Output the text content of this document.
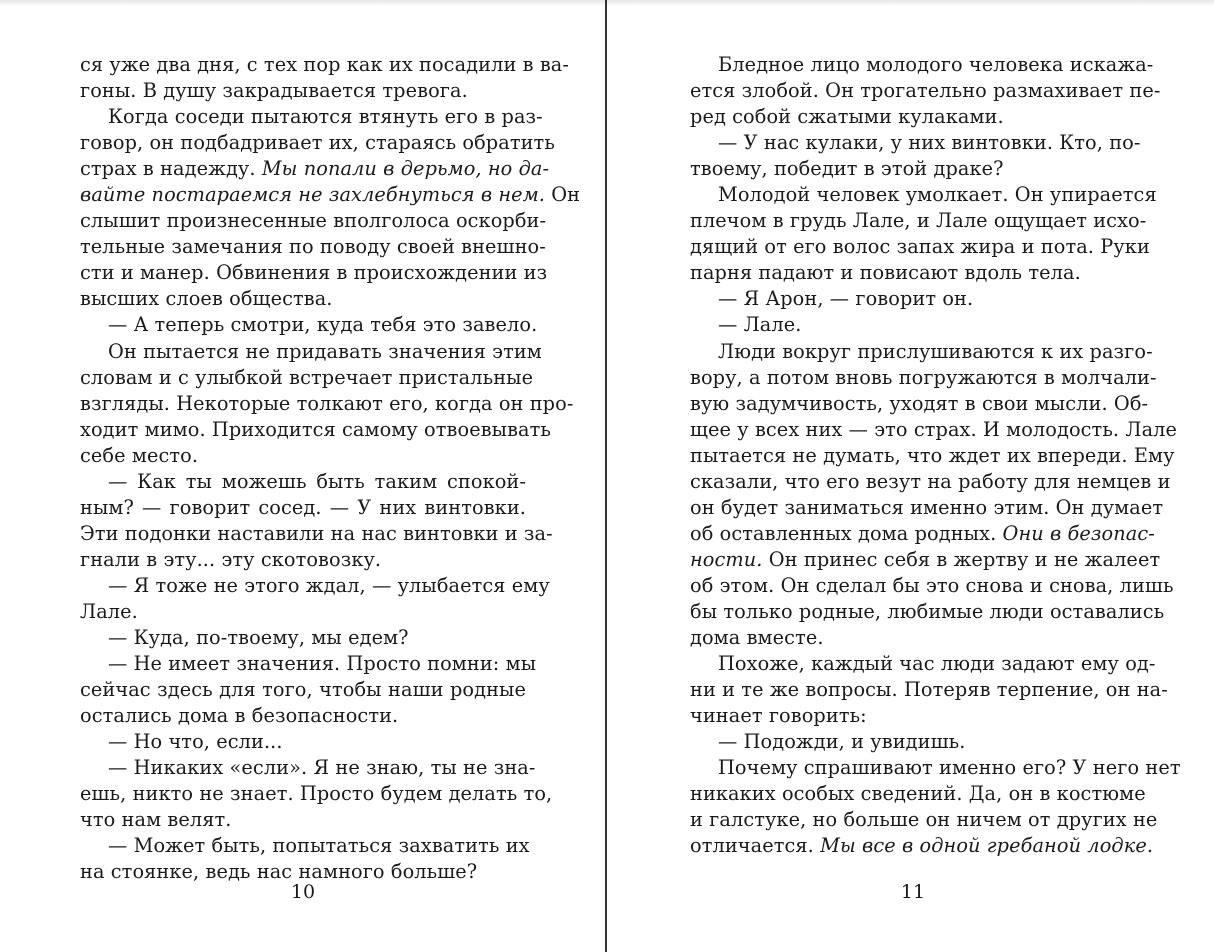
ся уже два дня, с тех пор как их посадили в ва-
гоны. В душу закрадывается тревога.
Когда соседи пытаются втянуть его в раз-
говор, он подбадривает их, стараясь обратить
страх в надежду. Мы попали в дерьмо, но да-
вайте постараемся не захлебнуться в нем. Он
слышит произнесенные вполголоса оскорби-
тельные замечания по поводу своей внешно-
сти и манер. Обвинения в происхождении из
высших слоев общества.
— А теперь смотри, куда тебя это завело.
Он пытается не придавать значения этим
словам и с улыбкой встречает пристальные
взгляды. Некоторые толкают его, когда он про-
ходит мимо. Приходится самому отвоевывать
себе место.
— Как ты можешь быть таким спокой-
ным? — говорит сосед. — У них винтовки.
Эти подонки наставили на нас винтовки и за-
гнали в эту... эту скотовозку.
— Я тоже не этого ждал, — улыбается ему
Лале.
— Куда, по-твоему, мы едем?
— Не имеет значения. Просто помни: мы
сейчас здесь для того, чтобы наши родные
остались дома в безопасности.
— Но что, если...
— Никаких «если». Я не знаю, ты не зна-
ешь, никто не знает. Просто будем делать то,
что нам велят.
— Может быть, попытаться захватить их
на стоянке, ведь нас намного больше?
10
Бледное лицо молодого человека искажа-
ется злобой. Он трогательно размахивает пе-
ред собой сжатыми кулаками.
— У нас кулаки, у них винтовки. Кто, по-
твоему, победит в этой драке?
Молодой человек умолкает. Он упирается
плечом в грудь Лале, и Лале ощущает исхо-
дящий от его волос запах жира и пота. Руки
парня падают и повисают вдоль тела.
— Я Арон, — говорит он.
— Лале.
Люди вокруг прислушиваются к их разго-
вору, а потом вновь погружаются в молчали-
вую задумчивость, уходят в свои мысли. Об-
щее у всех них — это страх. И молодость. Лале
пытается не думать, что ждет их впереди. Ему
сказали, что его везут на работу для немцев и
он будет заниматься именно этим. Он думает
об оставленных дома родных. Они в безопас-
ности. Он принес себя в жертву и не жалеет
об этом. Он сделал бы это снова и снова, лишь
бы только родные, любимые люди оставались
дома вместе.
Похоже, каждый час люди задают ему од-
ни и те же вопросы. Потеряв терпение, он на-
чинает говорить:
— Подожди, и увидишь.
Почему спрашивают именно его? У него нет
никаких особых сведений. Да, он в костюме
и галстуке, но больше он ничем от других не
отличается. Мы все в одной гребаной лодке.
11
